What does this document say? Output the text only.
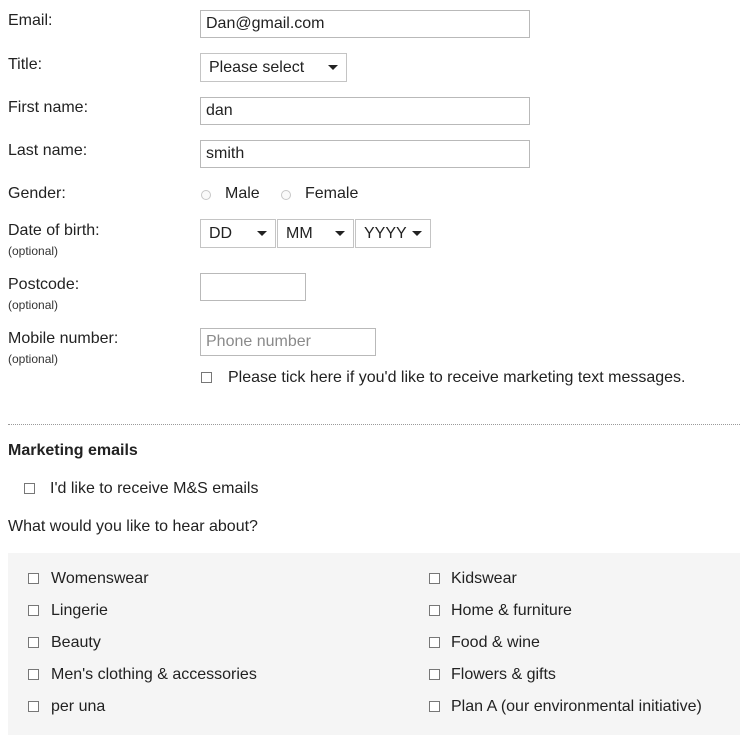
Email:
Dan@gmail.com
Title:	Please select
First name:
dan
Last name:
smith
Gender:	Male	Female
Date of birth:
(optional)
DD	MM	YYYY
Postcode:
(optional)
Mobile number:
(optional)
Phone number
Please tick here if you'd like to receive marketing text messages.
Marketing emails
I'd like to receive M&S emails
What would you like to hear about?
Womenswear
Lingerie
Beauty
Men's clothing & accessories
per una
Kidswear
Home & furniture
Food & wine
Flowers & gifts
Plan A (our environmental initiative)
